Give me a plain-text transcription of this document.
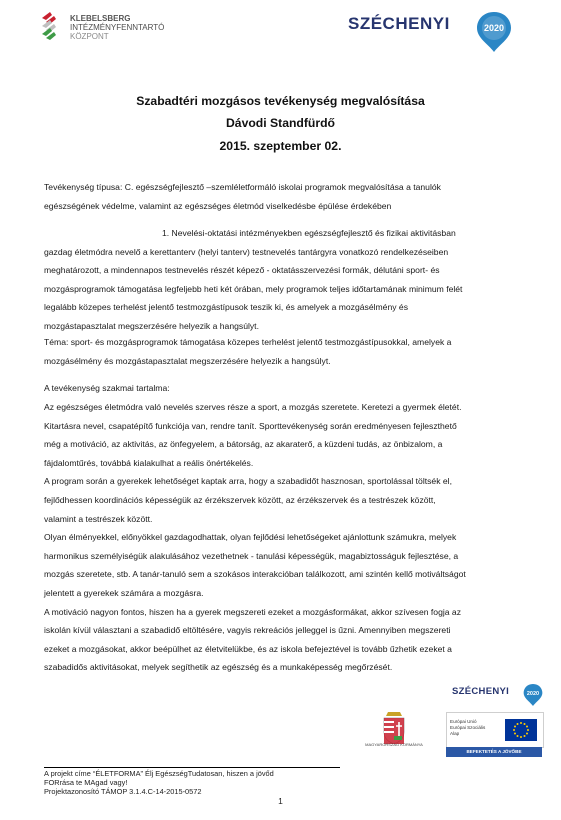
KLEBELSBERG
INTÉZMÉNYFENNTARTÓ
KÖZPONT
SZÉCHENYI	2020
Szabadtéri mozgásos tevékenység megvalósítása
Dávodi Standfürdő
2015. szeptember 02.

Tevékenység típusa: C. egészségfejlesztő –szemléletformáló iskolai programok megvalósítása a tanulók

egészségének védelme, valamint az egészséges életmód viselkedésbe épülése érdekében

1. Nevelési-oktatási intézményekben egészségfejlesztő és fizikai aktivitásban

gazdag életmódra nevelő a kerettanterv (helyi tanterv) testnevelés tantárgyra vonatkozó rendelkezéseiben

meghatározott, a mindennapos testnevelés részét képező - oktatásszervezési formák, délutáni sport- és

mozgásprogramok támogatása legfeljebb heti két órában, mely programok teljes időtartamának minimum felét

legalább közepes terhelést jelentő testmozgástípusok teszik ki, és amelyek a mozgásélmény és

mozgástapasztalat megszerzésére helyezik a hangsúlyt.

Téma: sport- és mozgásprogramok támogatása közepes terhelést jelentő testmozgástípusokkal, amelyek a

mozgásélmény és mozgástapasztalat megszerzésére helyezik a hangsúlyt.

A tevékenység szakmai tartalma:

Az egészséges életmódra való nevelés szerves része a sport, a mozgás szeretete. Keretezi a gyermek életét.

Kitartásra nevel, csapatépítő funkciója van, rendre tanít. Sporttevékenység során eredményesen fejleszthető

még a motiváció, az aktivitás, az önfegyelem, a bátorság, az akaraterő, a küzdeni tudás, az önbizalom, a

fájdalomtűrés, továbbá kialakulhat a reális önértékelés.

A program során a gyerekek lehetőséget kaptak arra, hogy a szabadidőt hasznosan, sportolással töltsék el,

fejlődhessen koordinációs képességük az érzékszervek között, az érzékszervek és a testrészek között,

valamint a testrészek között.

Olyan élményekkel, előnyökkel gazdagodhattak, olyan fejlődési lehetőségeket ajánlottunk számukra, melyek

harmonikus személyiségük alakulásához vezethetnek - tanulási képességük, magabiztosságuk fejlesztése, a

mozgás szeretete, stb. A tanár-tanuló sem a szokásos interakcióban találkozott, ami szintén kellő motiváltságot

jelentett a gyerekek számára a mozgásra.

A motiváció nagyon fontos, hiszen ha a gyerek megszereti ezeket a mozgásformákat, akkor szívesen fogja az

iskolán kívül választani a szabadidő eltöltésére, vagyis rekreációs jelleggel is űzni. Amennyiben megszereti

ezeket a mozgásokat, akkor beépülhet az életvitelükbe, és az iskola befejeztével is tovább űzhetik ezeket a

szabadidős aktivitásokat, melyek segíthetik az egészség és a munkaképesség megőrzését.

SZÉCHENYI 2020
MAGYARORSZÁG KORMÁNYA
Európai Unió
Európai Szociális
Alap
BEFEKTETÉS A JÖVŐBE
A projekt címe “ÉLETFORMA” Élj EgészségTudatosan, hiszen a jövőd
FORrása te MAgad vagy!
Projektazonosító TÁMOP 3.1.4.C-14-2015-0572
1
